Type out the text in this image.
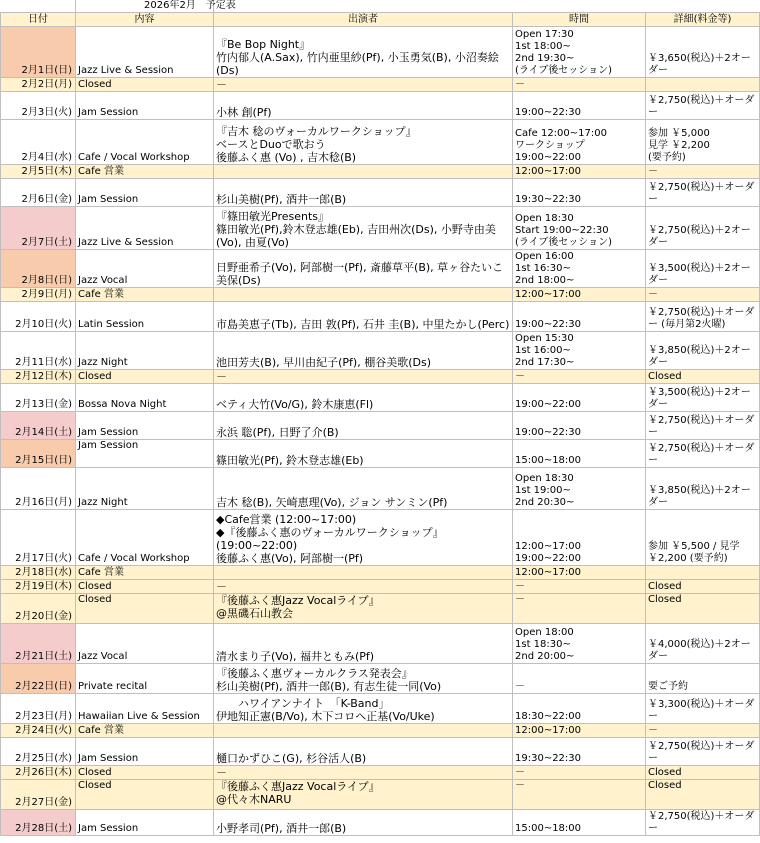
		2026年2月　予定表		
日付	内容	出演者	時間	詳細(料金等)
2月1日(日)	Jazz Live & Session	『Be Bop Night』
竹内郁人(A.Sax), 竹内亜里紗(Pf), 小玉勇気(B), 小沼奏絵(Ds)	Open 17:30
1st 18:00~
2nd 19:30~
(ライブ後セッション)	￥3,650(税込)＋2オーダー
2月2日(月)	Closed	－	－	
2月3日(火)	Jam Session	小林 創(Pf)	19:00~22:30	￥2,750(税込)＋オーダー
2月4日(水)	Cafe / Vocal Workshop	『吉木 稔のヴォーカルワークショップ』
ベースとDuoで歌おう
後藤ふく惠 (Vo) , 吉木稔(B)	Cafe 12:00~17:00
ワークショップ 19:00~22:00	参加 ￥5,000
見学 ￥2,200
(要予約)
2月5日(木)	Cafe 営業		12:00~17:00	－
2月6日(金)	Jam Session	杉山美樹(Pf), 酒井一郎(B)	19:30~22:30	￥2,750(税込)＋オーダー
2月7日(土)	Jazz Live & Session	『篠田敏光Presents』
篠田敏光(Pf),鈴木登志雄(Eb), 吉田州次(Ds), 小野寺由美(Vo), 由夏(Vo)	Open 18:30
Start 19:00~22:30
(ライブ後セッション)	￥2,750(税込)＋2オーダー
2月8日(日)	Jazz Vocal	日野亜希子(Vo), 阿部樹一(Pf), 斎藤草平(B), 草ヶ谷たいこ美保(Ds)	Open 16:00
1st 16:30~
2nd 18:00~	￥3,500(税込)＋2オーダー
2月9日(月)	Cafe 営業		12:00~17:00	－
2月10日(火)	Latin Session	市島美恵子(Tb), 吉田 敦(Pf), 石井 圭(B), 中里たかし(Perc)	19:00~22:30	￥2,750(税込)＋オーダー (毎月第2火曜)
2月11日(水)	Jazz Night	池田芳夫(B), 早川由紀子(Pf), 棚谷美歌(Ds)	Open 15:30
1st 16:00~
2nd 17:30~	￥3,850(税込)＋2オーダー
2月12日(木)	Closed	－	－	Closed
2月13日(金)	Bossa Nova Night	ベティ大竹(Vo/G), 鈴木康恵(Fl)	19:00~22:00	￥3,500(税込)＋2オーダー
2月14日(土)	Jam Session	永浜 聡(Pf), 日野了介(B)	19:00~22:30	￥2,750(税込)＋オーダー
2月15日(日)	Jam Session	篠田敏光(Pf), 鈴木登志雄(Eb)	15:00~18:00	￥2,750(税込)＋オーダー
2月16日(月)	Jazz Night	吉木 稔(B), 矢崎恵理(Vo), ジョン サンミン(Pf)	Open 18:30
1st 19:00~
2nd 20:30~	￥3,850(税込)＋2オーダー
2月17日(火)	Cafe / Vocal Workshop	◆Cafe営業 (12:00~17:00)
◆『後藤ふく惠のヴォーカルワークショップ』
(19:00~22:00)
後藤ふく惠(Vo), 阿部樹一(Pf)	12:00~17:00
19:00~22:00	参加 ￥5,500 / 見学 ￥2,200 (要予約)
2月18日(水)	Cafe 営業		12:00~17:00	
2月19日(木)	Closed	－	－	Closed
2月20日(金)	Closed	『後藤ふく惠Jazz Vocalライブ』
@黒磯石山教会	－	Closed
2月21日(土)	Jazz Vocal	清水まり子(Vo), 福井ともみ(Pf)	Open 18:00
1st 18:30~
2nd 20:00~	￥4,000(税込)＋2オーダー
2月22日(日)	Private recital	『後藤ふく惠ヴォーカルクラス発表会』
杉山美樹(Pf), 酒井一郎(B), 有志生徒一同(Vo)	－	要ご予約
2月23日(月)	Hawaiian Live & Session	　　ハワイアンナイト　「K-Band」
伊地知正憲(B/Vo), 木下コロヘ正基(Vo/Uke)	18:30~22:00	￥3,300(税込)＋オーダー
2月24日(火)	Cafe 営業		12:00~17:00	－
2月25日(水)	Jam Session	樋口かずひこ(G), 杉谷活人(B)	19:30~22:30	￥2,750(税込)＋オーダー
2月26日(木)	Closed	－	－	Closed
2月27日(金)	Closed	『後藤ふく惠Jazz Vocalライブ』
@代々木NARU	－	Closed
2月28日(土)	Jam Session	小野孝司(Pf), 酒井一郎(B)	15:00~18:00	￥2,750(税込)＋オーダー
